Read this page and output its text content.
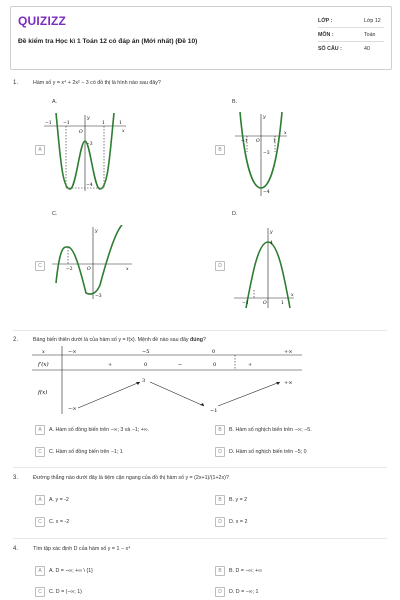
QUIZIZZ
Đề kiểm tra Học kì 1 Toán 12 có đáp án (Mới nhất) (Đề 10)
LỚP :	Lớp 12
MÔN :	Toán
SỐ CÂU :	40
1.	Hàm số y = x⁴ + 2x² − 3 có đồ thị là hình nào sau đây?
A.	B.
C.	D.
A	B
C	D
−1	−1	1	1
O
−3
−4
y
x
y
−1 O	1
x
−3
−4
y
−2	O	x
−3
y
4
−1	O	1
x
2.	Bảng biến thiên dưới là của hàm số y = f(x). Mệnh đề nào sau đây đúng?
x	−∞	−5	0	+∞
f′(x)	+	0	−	0	+
f(x)
−∞
3
−1
+∞
A	A. Hàm số đồng biến trên −∞; 3 và −1; +∞.	B	B. Hàm số nghịch biến trên −∞; −5.
C	C. Hàm số đồng biến trên −1; 1	D	D. Hàm số nghịch biến trên −5; 0
3.	Đường thẳng nào dưới đây là tiệm cận ngang của đồ thị hàm số y = (2x+1)/(1+2x)?
A	A. y = -2	B	B. y = 2
C	C. x = -2	D	D. x = 2
4.	Tìm tập xác định D của hàm số y = 1 − x⁴
A	A. D = −∞; +∞ \ {1}	B	B. D = −∞; +∞
C	C. D = (−∞; 1)	D	D. D = −∞; 1
